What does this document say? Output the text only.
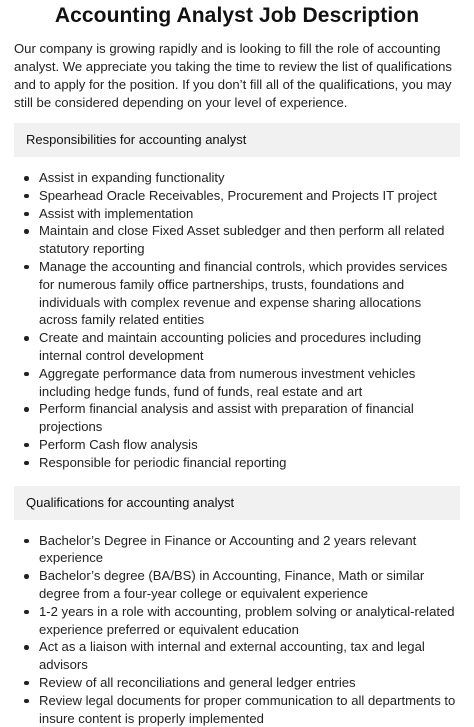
Accounting Analyst Job Description

Our company is growing rapidly and is looking to fill the role of accounting analyst. We appreciate you taking the time to review the list of qualifications and to apply for the position. If you don’t fill all of the qualifications, you may still be considered depending on your level of experience.

Responsibilities for accounting analyst
Assist in expanding functionality
Spearhead Oracle Receivables, Procurement and Projects IT project
Assist with implementation
Maintain and close Fixed Asset subledger and then perform all related statutory reporting
Manage the accounting and financial controls, which provides services for numerous family office partnerships, trusts, foundations and individuals with complex revenue and expense sharing allocations across family related entities
Create and maintain accounting policies and procedures including internal control development
Aggregate performance data from numerous investment vehicles including hedge funds, fund of funds, real estate and art
Perform financial analysis and assist with preparation of financial projections
Perform Cash flow analysis
Responsible for periodic financial reporting
Qualifications for accounting analyst
Bachelor’s Degree in Finance or Accounting and 2 years relevant experience
Bachelor’s degree (BA/BS) in Accounting, Finance, Math or similar degree from a four-year college or equivalent experience
1-2 years in a role with accounting, problem solving or analytical-related experience preferred or equivalent education
Act as a liaison with internal and external accounting, tax and legal advisors
Review of all reconciliations and general ledger entries
Review legal documents for proper communication to all departments to insure content is properly implemented
